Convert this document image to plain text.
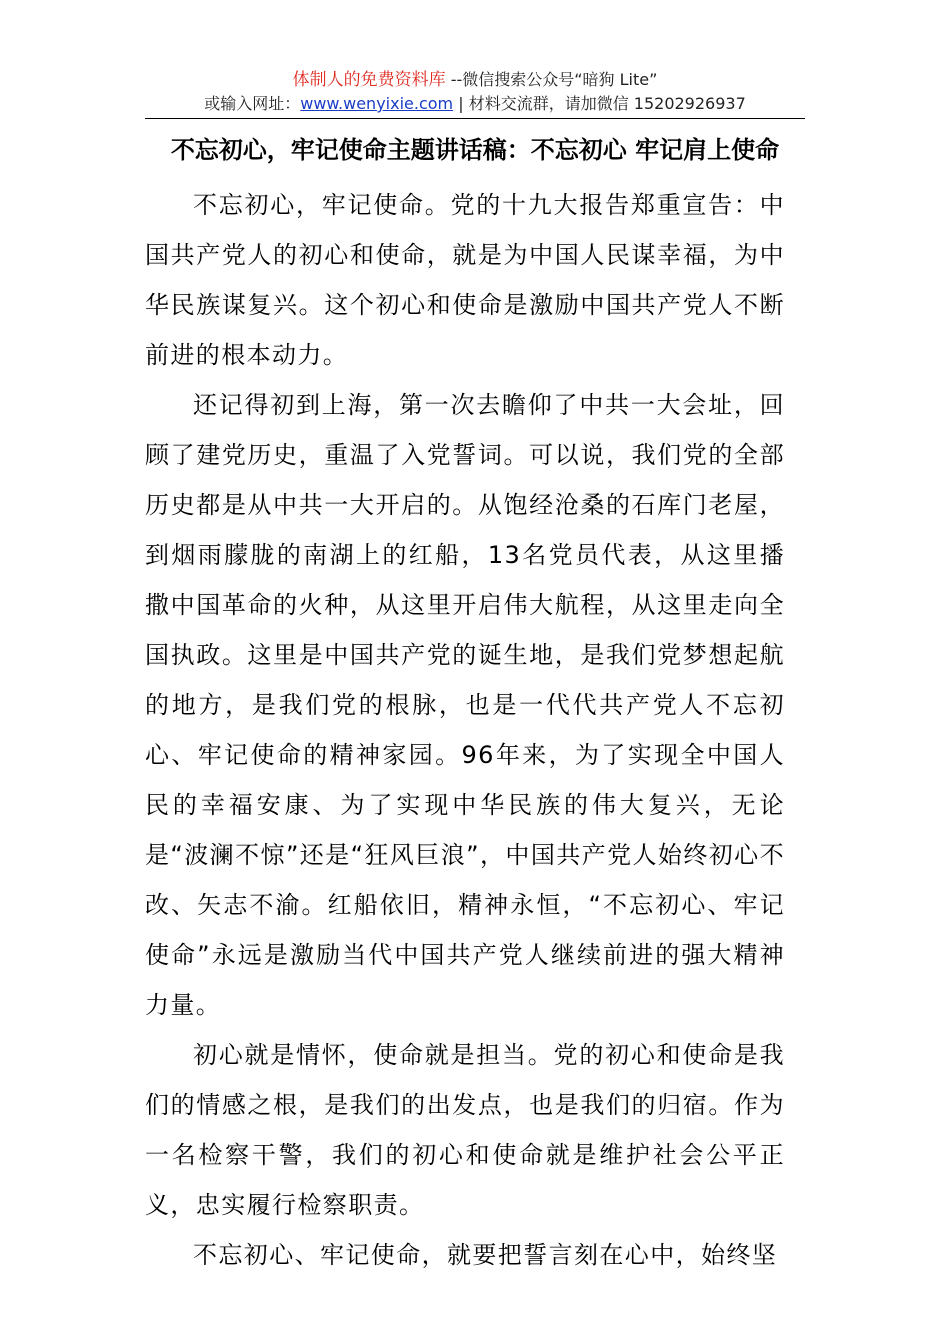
体制人的免费资料库 --微信搜索公众号“暗狗 Lite”
或输入网址：www.wenyixie.com | 材料交流群，请加微信 15202926937
不忘初心，牢记使命主题讲话稿：不忘初心 牢记肩上使命

不忘初心，牢记使命。党的十九大报告郑重宣告：中国共产党人的初心和使命，就是为中国人民谋幸福，为中华民族谋复兴。这个初心和使命是激励中国共产党人不断前进的根本动力。

还记得初到上海，第一次去瞻仰了中共一大会址，回顾了建党历史，重温了入党誓词。可以说，我们党的全部历史都是从中共一大开启的。从饱经沧桑的石库门老屋，到烟雨朦胧的南湖上的红船，13名党员代表，从这里播撒中国革命的火种，从这里开启伟大航程，从这里走向全国执政。这里是中国共产党的诞生地，是我们党梦想起航的地方，是我们党的根脉，也是一代代共产党人不忘初心、牢记使命的精神家园。96年来，为了实现全中国人民的幸福安康、为了实现中华民族的伟大复兴，无论是“波澜不惊”还是“狂风巨浪”，中国共产党人始终初心不改、矢志不渝。红船依旧，精神永恒，“不忘初心、牢记使命”永远是激励当代中国共产党人继续前进的强大精神力量。

初心就是情怀，使命就是担当。党的初心和使命是我们的情感之根，是我们的出发点，也是我们的归宿。作为一名检察干警，我们的初心和使命就是维护社会公平正义，忠实履行检察职责。

不忘初心、牢记使命，就要把誓言刻在心中，始终坚
